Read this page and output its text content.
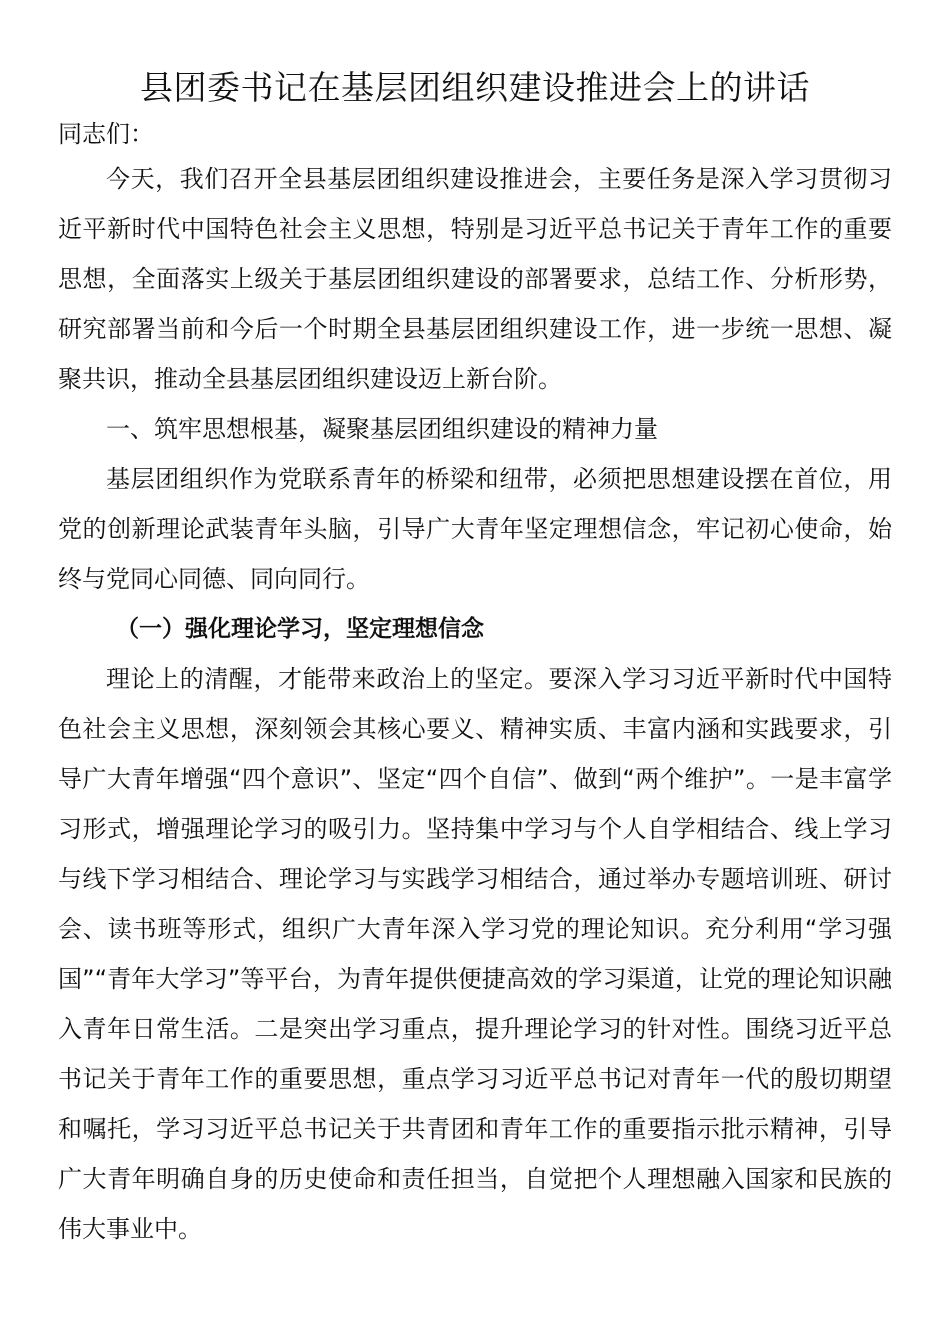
县团委书记在基层团组织建设推进会上的讲话

同志们：

今天，我们召开全县基层团组织建设推进会，主要任务是深入学习贯彻习近平新时代中国特色社会主义思想，特别是习近平总书记关于青年工作的重要思想，全面落实上级关于基层团组织建设的部署要求，总结工作、分析形势，研究部署当前和今后一个时期全县基层团组织建设工作，进一步统一思想、凝聚共识，推动全县基层团组织建设迈上新台阶。

一、筑牢思想根基，凝聚基层团组织建设的精神力量

基层团组织作为党联系青年的桥梁和纽带，必须把思想建设摆在首位，用党的创新理论武装青年头脑，引导广大青年坚定理想信念，牢记初心使命，始终与党同心同德、同向同行。

（一）强化理论学习，坚定理想信念

理论上的清醒，才能带来政治上的坚定。要深入学习习近平新时代中国特色社会主义思想，深刻领会其核心要义、精神实质、丰富内涵和实践要求，引导广大青年增强“四个意识”、坚定“四个自信”、做到“两个维护”。一是丰富学习形式，增强理论学习的吸引力。坚持集中学习与个人自学相结合、线上学习与线下学习相结合、理论学习与实践学习相结合，通过举办专题培训班、研讨会、读书班等形式，组织广大青年深入学习党的理论知识。充分利用“学习强国”“青年大学习”等平台，为青年提供便捷高效的学习渠道，让党的理论知识融入青年日常生活。二是突出学习重点，提升理论学习的针对性。围绕习近平总书记关于青年工作的重要思想，重点学习习近平总书记对青年一代的殷切期望和嘱托，学习习近平总书记关于共青团和青年工作的重要指示批示精神，引导广大青年明确自身的历史使命和责任担当，自觉把个人理想融入国家和民族的伟大事业中。
